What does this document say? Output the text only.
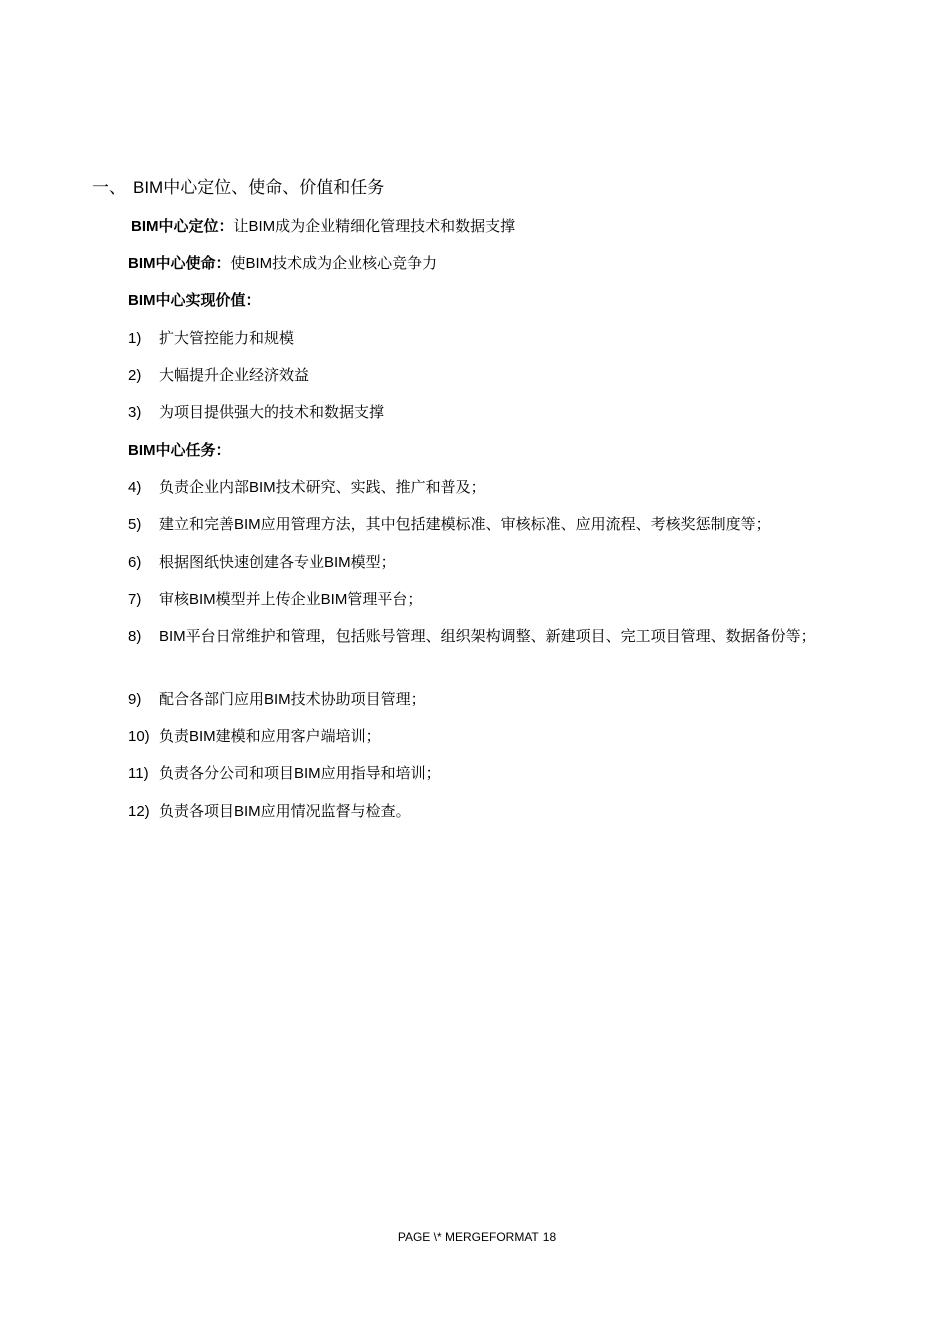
一、 BIM中心定位、使命、价值和任务
BIM中心定位：让BIM成为企业精细化管理技术和数据支撑
BIM中心使命：使BIM技术成为企业核心竞争力
BIM中心实现价值：
1)	扩大管控能力和规模
2)	大幅提升企业经济效益
3)	为项目提供强大的技术和数据支撑
BIM中心任务：
4)	负责企业内部BIM技术研究、实践、推广和普及；
5)	建立和完善BIM应用管理方法，其中包括建模标准、审核标准、应用流程、考核奖惩制度等；
6)	根据图纸快速创建各专业BIM模型；
7)	审核BIM模型并上传企业BIM管理平台；
8)	BIM平台日常维护和管理，包括账号管理、组织架构调整、新建项目、完工项目管理、数据备份等；
9)	配合各部门应用BIM技术协助项目管理；
10) 负责BIM建模和应用客户端培训；
11) 负责各分公司和项目BIM应用指导和培训；
12) 负责各项目BIM应用情况监督与检查。
PAGE \* MERGEFORMAT 18
